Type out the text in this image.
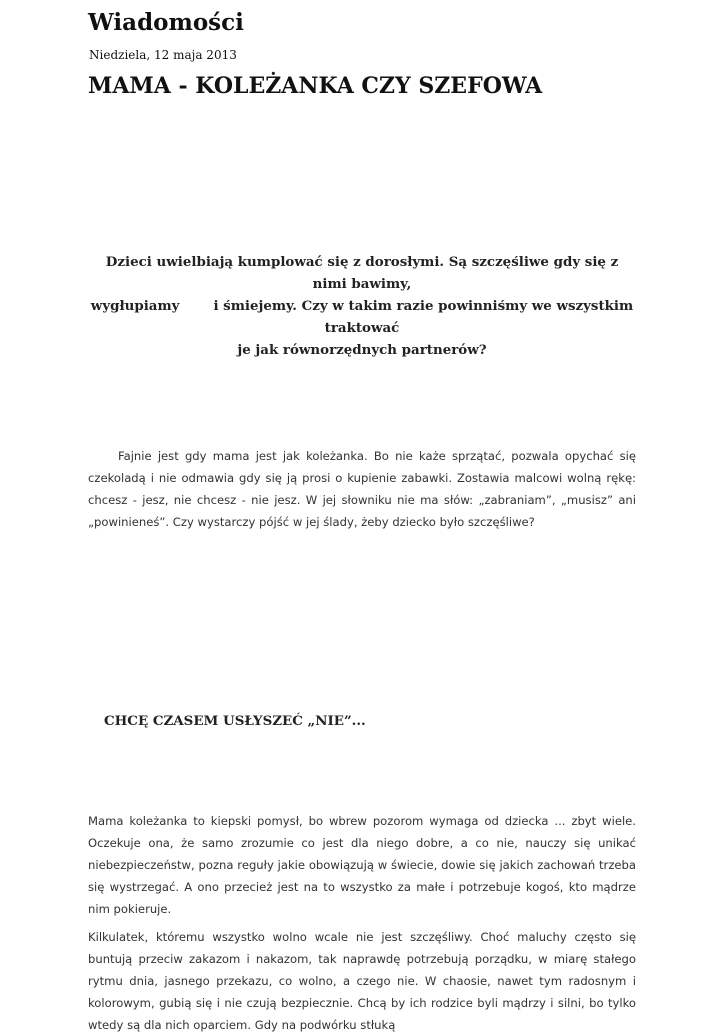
Wiadomości
Niedziela, 12 maja 2013
MAMA - KOLEŻANKA CZY SZEFOWA

Dzieci uwielbiają kumplować się z dorosłymi. Są szczęśliwe gdy się z nimi bawimy,
wygłupiamy	i śmiejemy. Czy w takim razie powinniśmy we wszystkim traktować
je jak równorzędnych partnerów?

Fajnie jest gdy mama jest jak koleżanka. Bo nie każe sprzątać, pozwala opychać się czekoladą i nie odmawia gdy się ją prosi o kupienie zabawki. Zostawia malcowi wolną rękę: chcesz - jesz, nie chcesz - nie jesz. W jej słowniku nie ma słów: „zabraniam”, „musisz” ani „powinieneś”. Czy wystarczy pójść w jej ślady, żeby dziecko było szczęśliwe?

CHCĘ CZASEM USŁYSZEĆ „NIE”...

Mama koleżanka to kiepski pomysł, bo wbrew pozorom wymaga od dziecka ... zbyt wiele. Oczekuje ona, że samo zrozumie co jest dla niego dobre, a co nie, nauczy się unikać niebezpieczeństw, pozna reguły jakie obowiązują w świecie, dowie się jakich zachowań trzeba się wystrzegać. A ono przecież jest na to wszystko za małe i potrzebuje kogoś, kto mądrze nim pokieruje.

Kilkulatek, któremu wszystko wolno wcale nie jest szczęśliwy. Choć maluchy często się buntują przeciw zakazom i nakazom, tak naprawdę potrzebują porządku, w miarę stałego rytmu dnia, jasnego przekazu, co wolno, a czego nie. W chaosie, nawet tym radosnym i kolorowym, gubią się i nie czują bezpiecznie. Chcą by ich rodzice byli mądrzy i silni, bo tylko wtedy są dla nich oparciem. Gdy na podwórku stłuką
